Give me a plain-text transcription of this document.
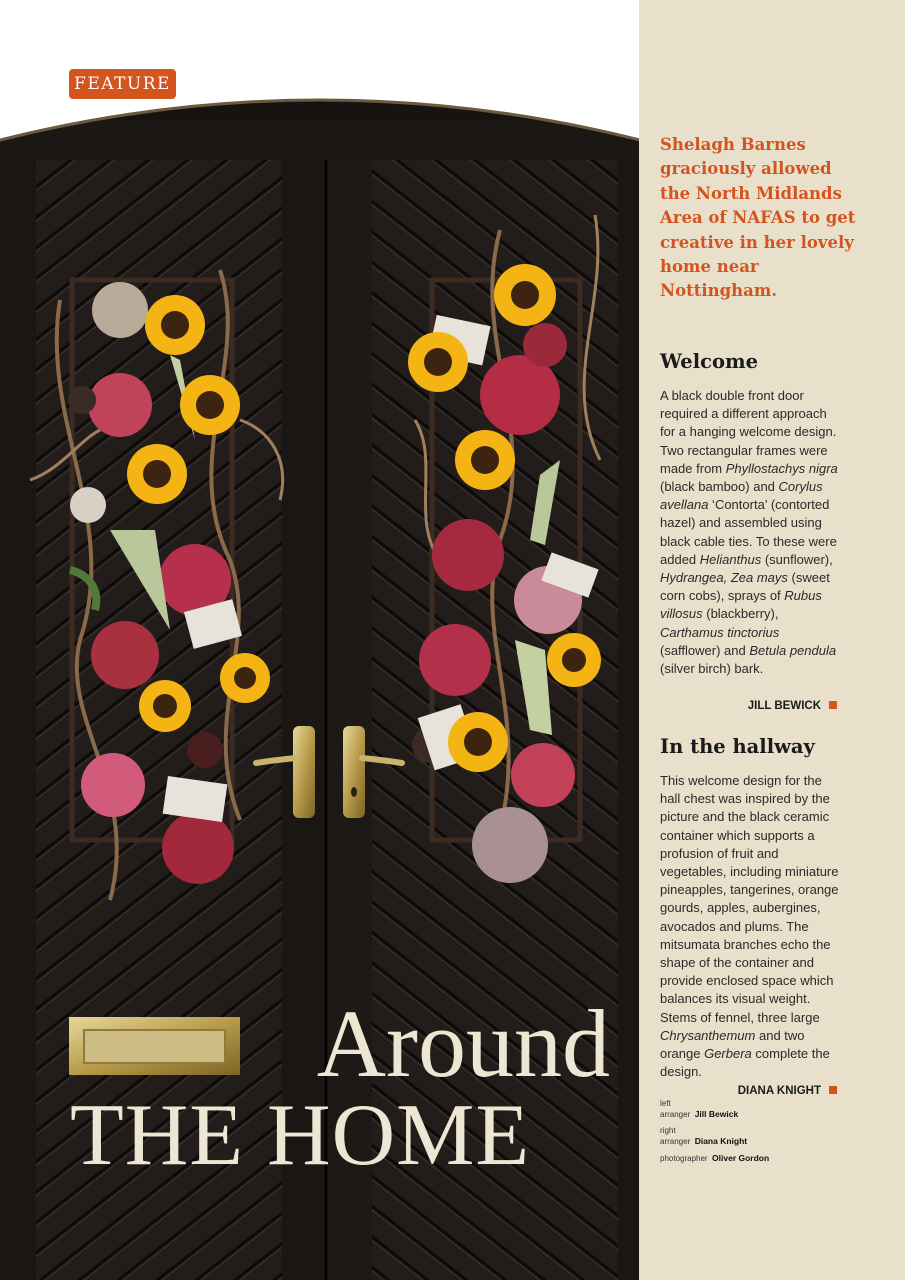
FEATURE
Around
THE HOME
Shelagh Barnes graciously allowed the North Midlands Area of NAFAS to get creative in her lovely home near Nottingham.
Welcome
A black double front door required a different approach for a hanging welcome design. Two rectangular frames were made from Phyllostachys nigra (black bamboo) and Corylus avellana ‘Contorta’ (contorted hazel) and assembled using black cable ties. To these were added Helianthus (sunflower), Hydrangea, Zea mays (sweet corn cobs), sprays of Rubus villosus (blackberry), Carthamus tinctorius (safflower) and Betula pendula (silver birch) bark.
JILL BEWICK
In the hallway
This welcome design for the hall chest was inspired by the picture and the black ceramic container which supports a profusion of fruit and vegetables, including miniature pineapples, tangerines, orange gourds, apples, aubergines, avocados and plums. The mitsumata branches echo the shape of the container and provide enclosed space which balances its visual weight. Stems of fennel, three large Chrysanthemum and two orange Gerbera complete the design.
DIANA KNIGHT
left
arranger Jill Bewick
right
arranger Diana Knight
photographer Oliver Gordon
